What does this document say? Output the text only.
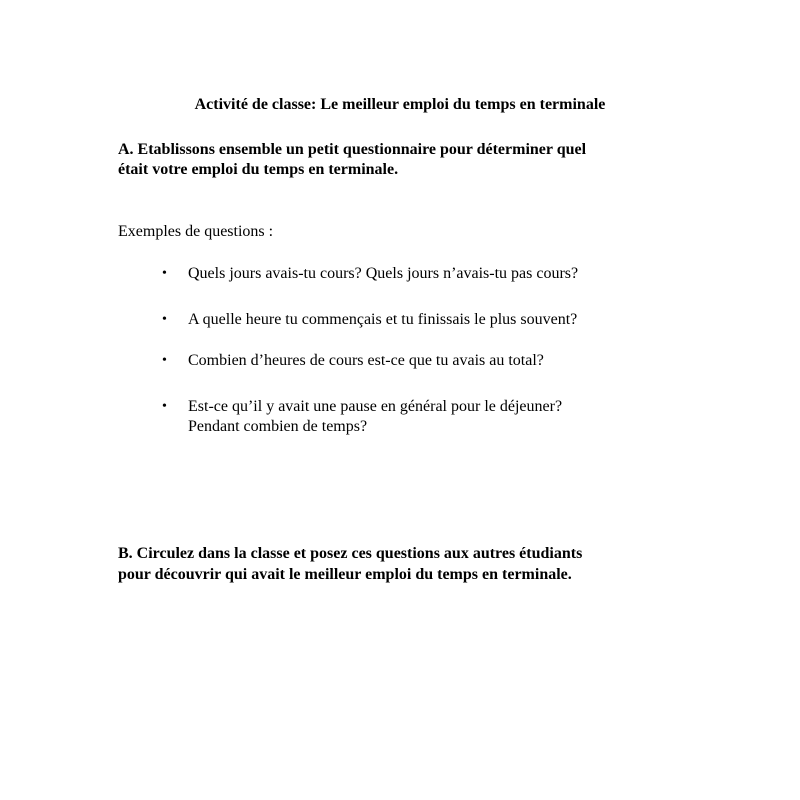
Activité de classe: Le meilleur emploi du temps en terminale
A. Etablissons ensemble un petit questionnaire pour déterminer quel
était votre emploi du temps en terminale.
Exemples de questions :
•	Quels jours avais-tu cours? Quels jours n’avais-tu pas cours?
•	A quelle heure tu commençais et tu finissais le plus souvent?
•	Combien d’heures de cours est-ce que tu avais au total?
•	Est-ce qu’il y avait une pause en général pour le déjeuner?
Pendant combien de temps?
B. Circulez dans la classe et posez ces questions aux autres étudiants
pour découvrir qui avait le meilleur emploi du temps en terminale.
